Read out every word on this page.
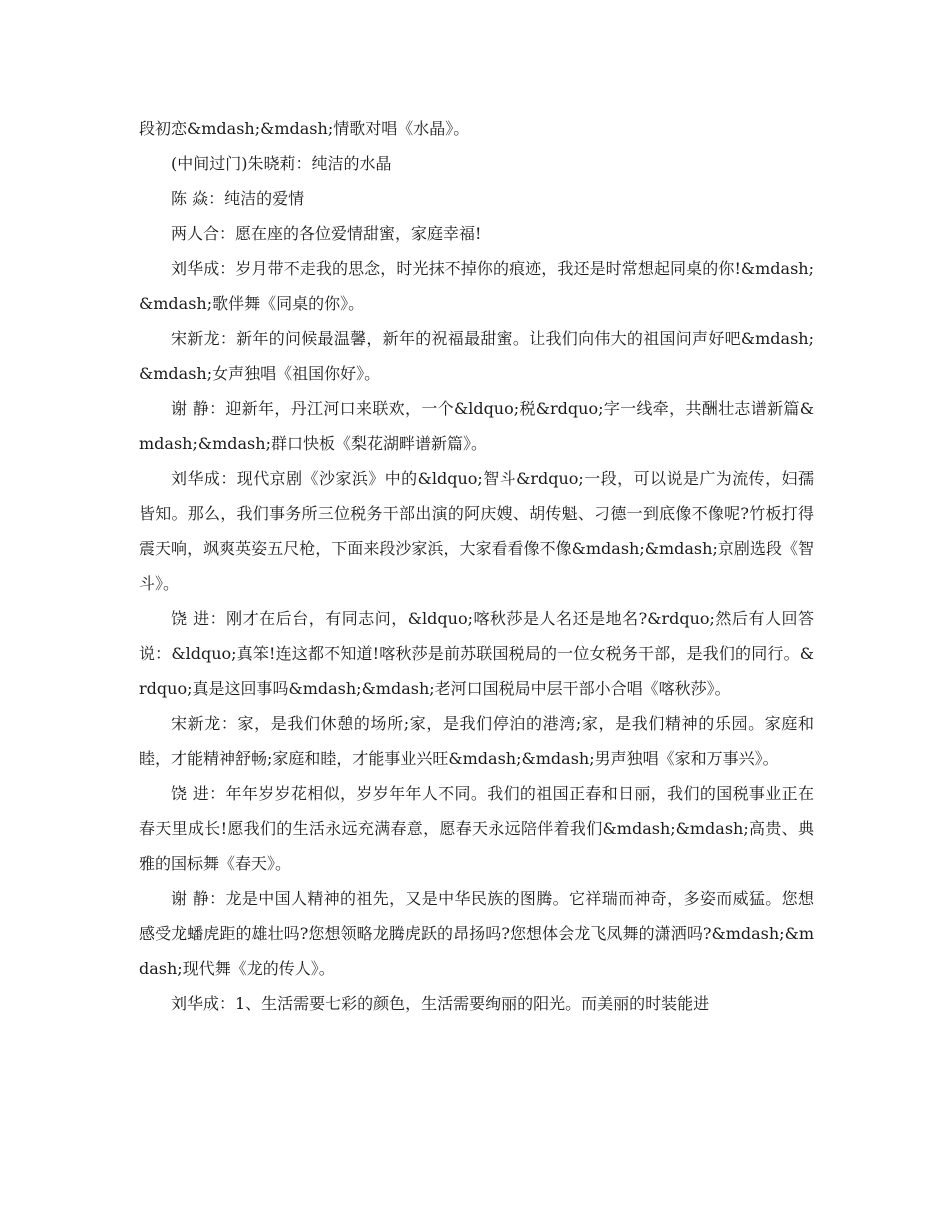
段初恋&mdash;&mdash;情歌对唱《水晶》。

(中间过门)朱晓莉：纯洁的水晶

陈 焱：纯洁的爱情

两人合：愿在座的各位爱情甜蜜，家庭幸福!

刘华成：岁月带不走我的思念，时光抹不掉你的痕迹，我还是时常想起同桌的你!&mdash;&mdash;歌伴舞《同桌的你》。

宋新龙：新年的问候最温馨，新年的祝福最甜蜜。让我们向伟大的祖国问声好吧&mdash;&mdash;女声独唱《祖国你好》。

谢 静：迎新年，丹江河口来联欢，一个&ldquo;税&rdquo;字一线牵，共酬壮志谱新篇&mdash;&mdash;群口快板《梨花湖畔谱新篇》。

刘华成：现代京剧《沙家浜》中的&ldquo;智斗&rdquo;一段，可以说是广为流传，妇孺皆知。那么，我们事务所三位税务干部出演的阿庆嫂、胡传魁、刁德一到底像不像呢?竹板打得震天响，飒爽英姿五尺枪，下面来段沙家浜，大家看看像不像&mdash;&mdash;京剧选段《智斗》。

饶 进：刚才在后台，有同志问，&ldquo;喀秋莎是人名还是地名?&rdquo;然后有人回答说：&ldquo;真笨!连这都不知道!喀秋莎是前苏联国税局的一位女税务干部，是我们的同行。&rdquo;真是这回事吗&mdash;&mdash;老河口国税局中层干部小合唱《喀秋莎》。

宋新龙：家，是我们休憩的场所;家，是我们停泊的港湾;家，是我们精神的乐园。家庭和睦，才能精神舒畅;家庭和睦，才能事业兴旺&mdash;&mdash;男声独唱《家和万事兴》。

饶 进：年年岁岁花相似，岁岁年年人不同。我们的祖国正春和日丽，我们的国税事业正在春天里成长!愿我们的生活永远充满春意，愿春天永远陪伴着我们&mdash;&mdash;高贵、典雅的国标舞《春天》。

谢 静：龙是中国人精神的祖先，又是中华民族的图腾。它祥瑞而神奇，多姿而威猛。您想感受龙蟠虎距的雄壮吗?您想领略龙腾虎跃的昂扬吗?您想体会龙飞凤舞的潇洒吗?&mdash;&mdash;现代舞《龙的传人》。

刘华成：1、生活需要七彩的颜色，生活需要绚丽的阳光。而美丽的时装能进
